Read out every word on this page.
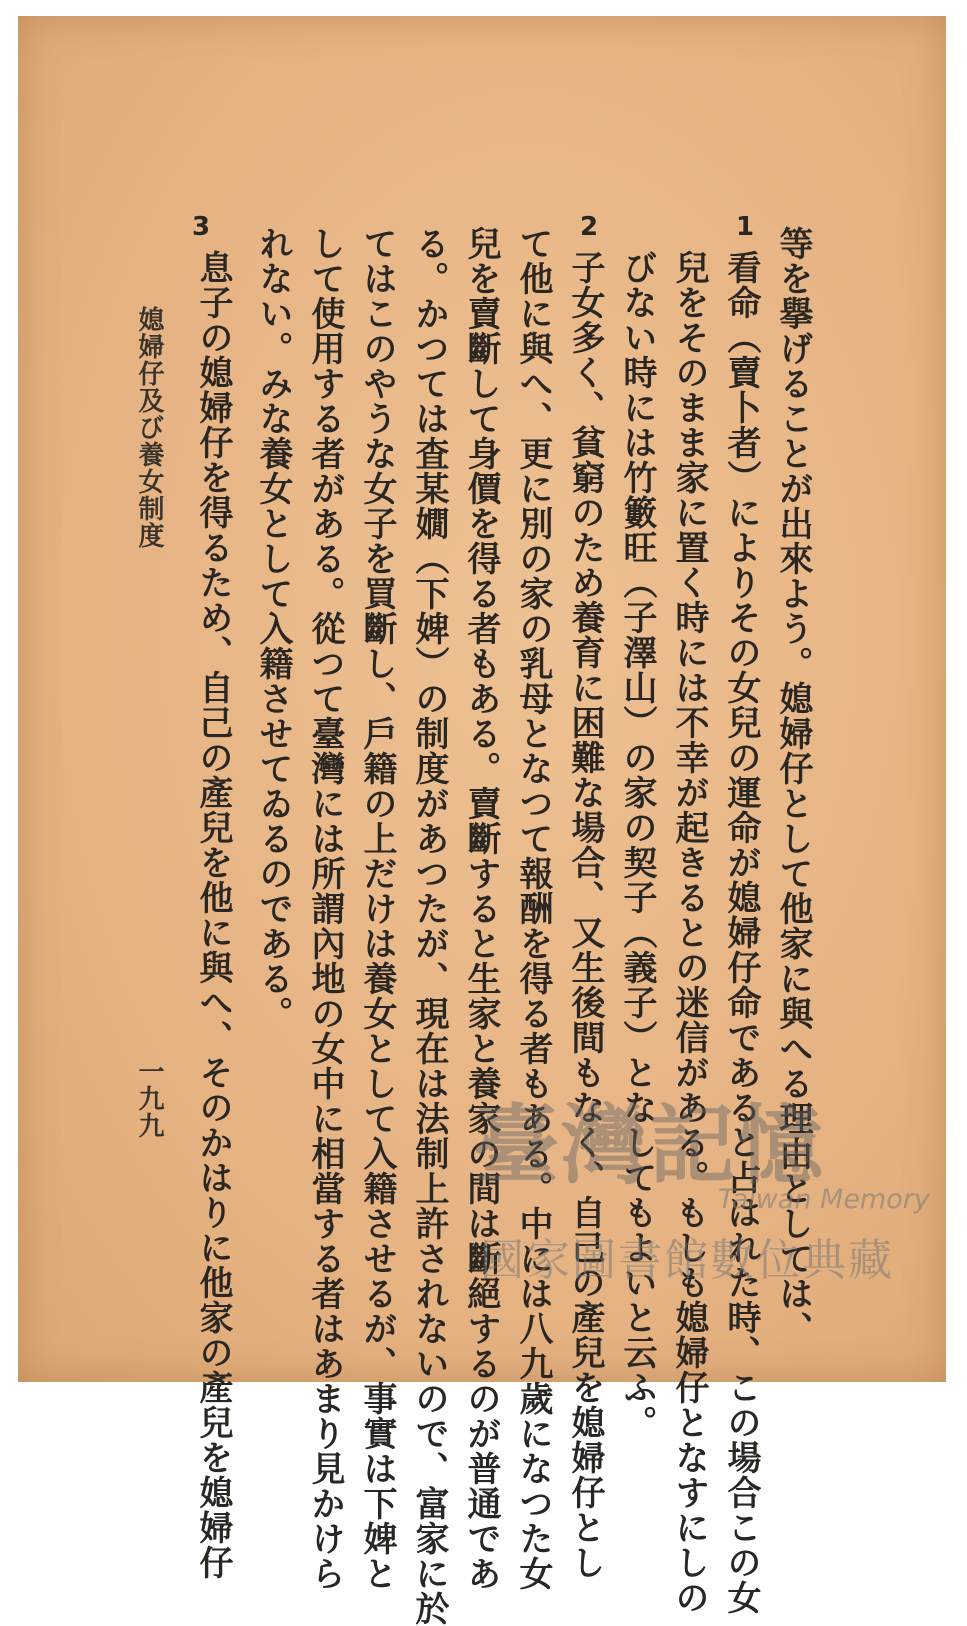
等を擧げることが出來よう。媳婦仔として他家に與へる理由としては、
1
看命（賣卜者）によりその女兒の運命が媳婦仔命であると占はれた時、この場合この女
兒をそのまま家に置く時には不幸が起きるとの迷信がある。もしも媳婦仔となすにしの
びない時には竹籔旺（子澤山）の家の契子（義子）となしてもよいと云ふ。
2
子女多く、貧窮のため養育に困難な場合、又生後間もなく、自己の產兒を媳婦仔とし
て他に與へ、更に別の家の乳母となつて報酬を得る者もある。中には八九歲になつた女
兒を賣斷して身價を得る者もある。賣斷すると生家と養家の間は斷絕するのが普通であ
る。かつては査某嫺（下婢）の制度があつたが、現在は法制上許されないので、富家に於
てはこのやうな女子を買斷し、戶籍の上だけは養女として入籍させるが、事實は下婢と
して使用する者がある。從つて臺灣には所謂內地の女中に相當する者はあまり見かけら
れない。みな養女として入籍させてゐるのである。
3
息子の媳婦仔を得るため、自己の產兒を他に與へ、そのかはりに他家の產兒を媳婦仔
媳婦仔及び養女制度
一九九	臺灣記憶
Taiwan Memory
國家圖書館數位典藏
